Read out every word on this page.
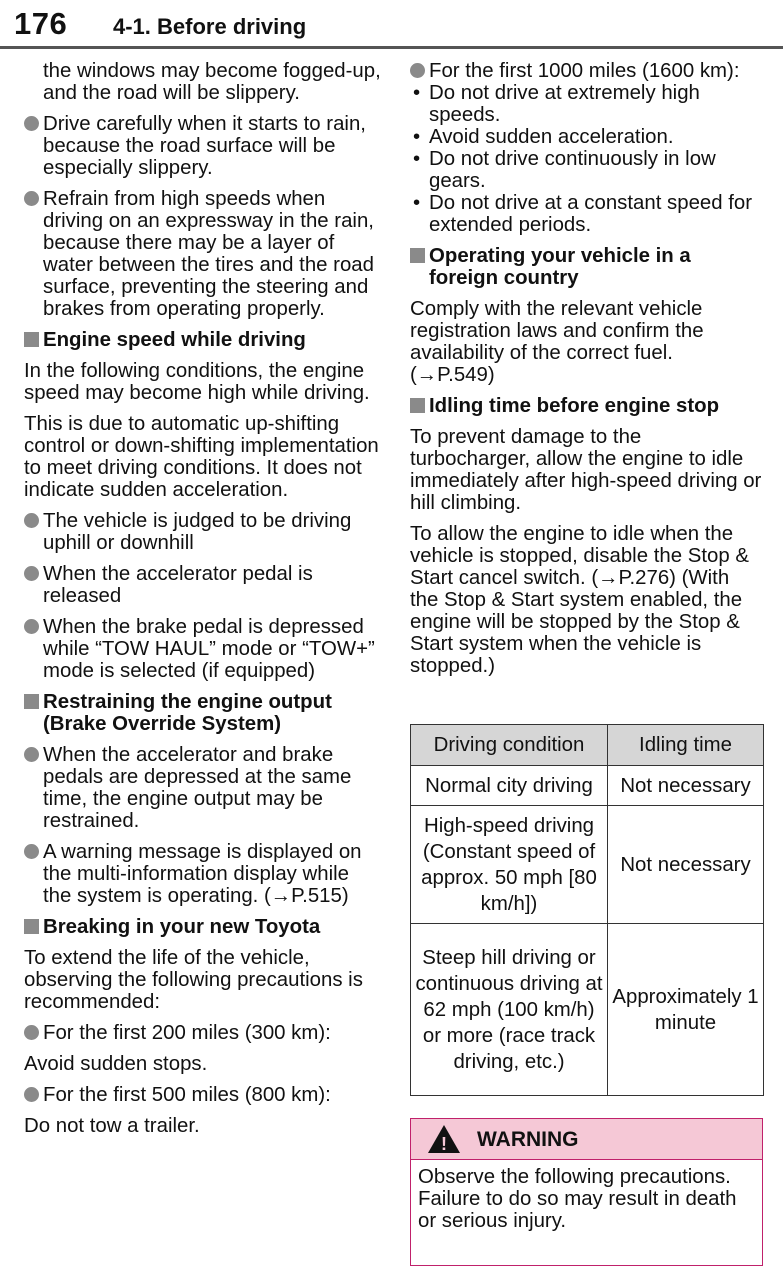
176 4-1. Before driving

the windows may become fogged-up, and the road will be slippery.

Drive carefully when it starts to rain, because the road surface will be especially slippery.
Refrain from high speeds when driving on an expressway in the rain, because there may be a layer of water between the tires and the road surface, preventing the steering and brakes from operating properly.
Engine speed while driving

In the following conditions, the engine speed may become high while driving.

This is due to automatic up-shifting control or down-shifting implementation to meet driving conditions. It does not indicate sudden acceleration.

The vehicle is judged to be driving uphill or downhill
When the accelerator pedal is released
When the brake pedal is depressed while “TOW HAUL” mode or “TOW+” mode is selected (if equipped)
Restraining the engine output (Brake Override System)
When the accelerator and brake pedals are depressed at the same time, the engine output may be restrained.
A warning message is displayed on the multi-information display while the system is operating. (→P.515)
Breaking in your new Toyota

To extend the life of the vehicle, observing the following precautions is recommended:

For the first 200 miles (300 km):

Avoid sudden stops.

For the first 500 miles (800 km):

Do not tow a trailer.

For the first 1000 miles (1600 km):
• Do not drive at extremely high speeds.
• Avoid sudden acceleration.
• Do not drive continuously in low gears.
• Do not drive at a constant speed for extended periods.
Operating your vehicle in a foreign country

Comply with the relevant vehicle registration laws and confirm the availability of the correct fuel. (→P.549)

Idling time before engine stop

To prevent damage to the turbocharger, allow the engine to idle immediately after high-speed driving or hill climbing.

To allow the engine to idle when the vehicle is stopped, disable the Stop & Start cancel switch. (→P.276) (With the Stop & Start system enabled, the engine will be stopped by the Stop & Start system when the vehicle is stopped.)

Driving condition	Idling time
Normal city driving	Not necessary
High-speed driving (Constant speed of approx. 50 mph [80 km/h])	Not necessary
Steep hill driving or continuous driving at 62 mph (100 km/h) or more (race track driving, etc.)	Approximately 1 minute
! WARNING
Observe the following precautions.
Failure to do so may result in death or serious injury.
